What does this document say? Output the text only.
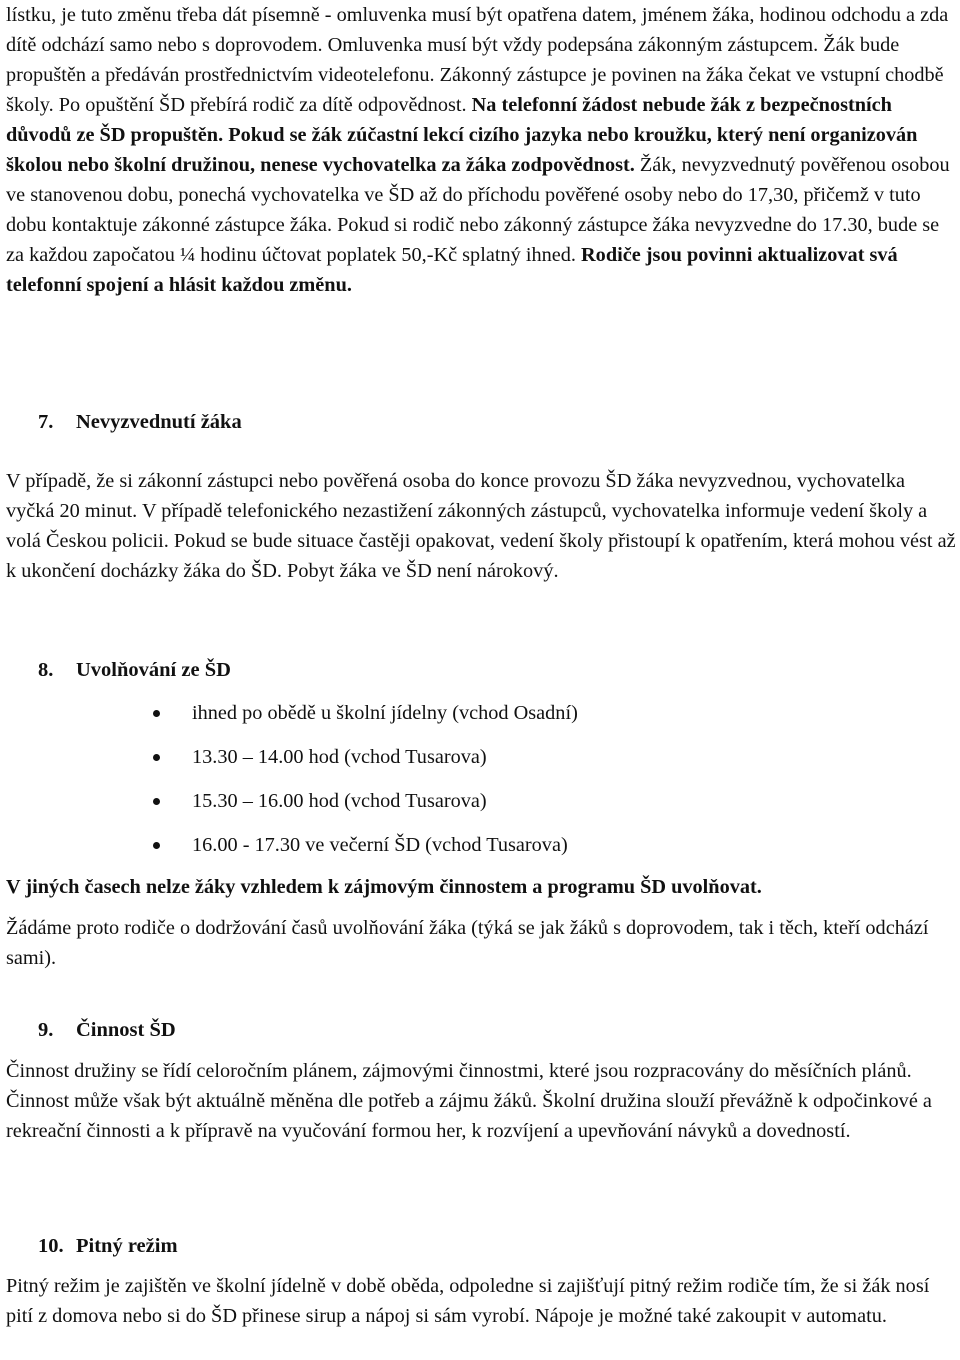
lístku, je tuto změnu třeba dát písemně - omluvenka musí být opatřena datem, jménem žáka, hodinou odchodu a zda dítě odchází samo nebo s doprovodem. Omluvenka musí být vždy podepsána zákonným zástupcem. Žák bude propuštěn a předáván prostřednictvím videotelefonu. Zákonný zástupce je povinen na žáka čekat ve vstupní chodbě školy. Po opuštění ŠD přebírá rodič za dítě odpovědnost. Na telefonní žádost nebude žák z bezpečnostních důvodů ze ŠD propuštěn. Pokud se žák zúčastní lekcí cizího jazyka nebo kroužku, který není organizován školou nebo školní družinou, nenese vychovatelka za žáka zodpovědnost. Žák, nevyzvednutý pověřenou osobou ve stanovenou dobu, ponechá vychovatelka ve ŠD až do příchodu pověřené osoby nebo do 17,30, přičemž v tuto dobu kontaktuje zákonné zástupce žáka. Pokud si rodič nebo zákonný zástupce žáka nevyzvedne do 17.30, bude se za každou započatou ¼ hodinu účtovat poplatek 50,-Kč splatný ihned. Rodiče jsou povinni aktualizovat svá telefonní spojení a hlásit každou změnu.

7. Nevyzvednutí žáka

V případě, že si zákonní zástupci nebo pověřená osoba do konce provozu ŠD žáka nevyzvednou, vychovatelka vyčká 20 minut. V případě telefonického nezastižení zákonných zástupců, vychovatelka informuje vedení školy a volá Českou policii. Pokud se bude situace častěji opakovat, vedení školy přistoupí k opatřením, která mohou vést až k ukončení docházky žáka do ŠD. Pobyt žáka ve ŠD není nárokový.

8. Uvolňování ze ŠD
ihned po obědě u školní jídelny (vchod Osadní)
13.30 – 14.00 hod (vchod Tusarova)
15.30 – 16.00 hod (vchod Tusarova)
16.00 - 17.30 ve večerní ŠD (vchod Tusarova)

V jiných časech nelze žáky vzhledem k zájmovým činnostem a programu ŠD uvolňovat.

Žádáme proto rodiče o dodržování časů uvolňování žáka (týká se jak žáků s doprovodem, tak i těch, kteří odchází sami).

9. Činnost ŠD

Činnost družiny se řídí celoročním plánem, zájmovými činnostmi, které jsou rozpracovány do měsíčních plánů. Činnost může však být aktuálně měněna dle potřeb a zájmu žáků. Školní družina slouží převážně k odpočinkové a rekreační činnosti a k přípravě na vyučování formou her, k rozvíjení a upevňování návyků a dovedností.

10. Pitný režim

Pitný režim je zajištěn ve školní jídelně v době oběda, odpoledne si zajišťují pitný režim rodiče tím, že si žák nosí pití z domova nebo si do ŠD přinese sirup a nápoj si sám vyrobí. Nápoje je možné také zakoupit v automatu.
